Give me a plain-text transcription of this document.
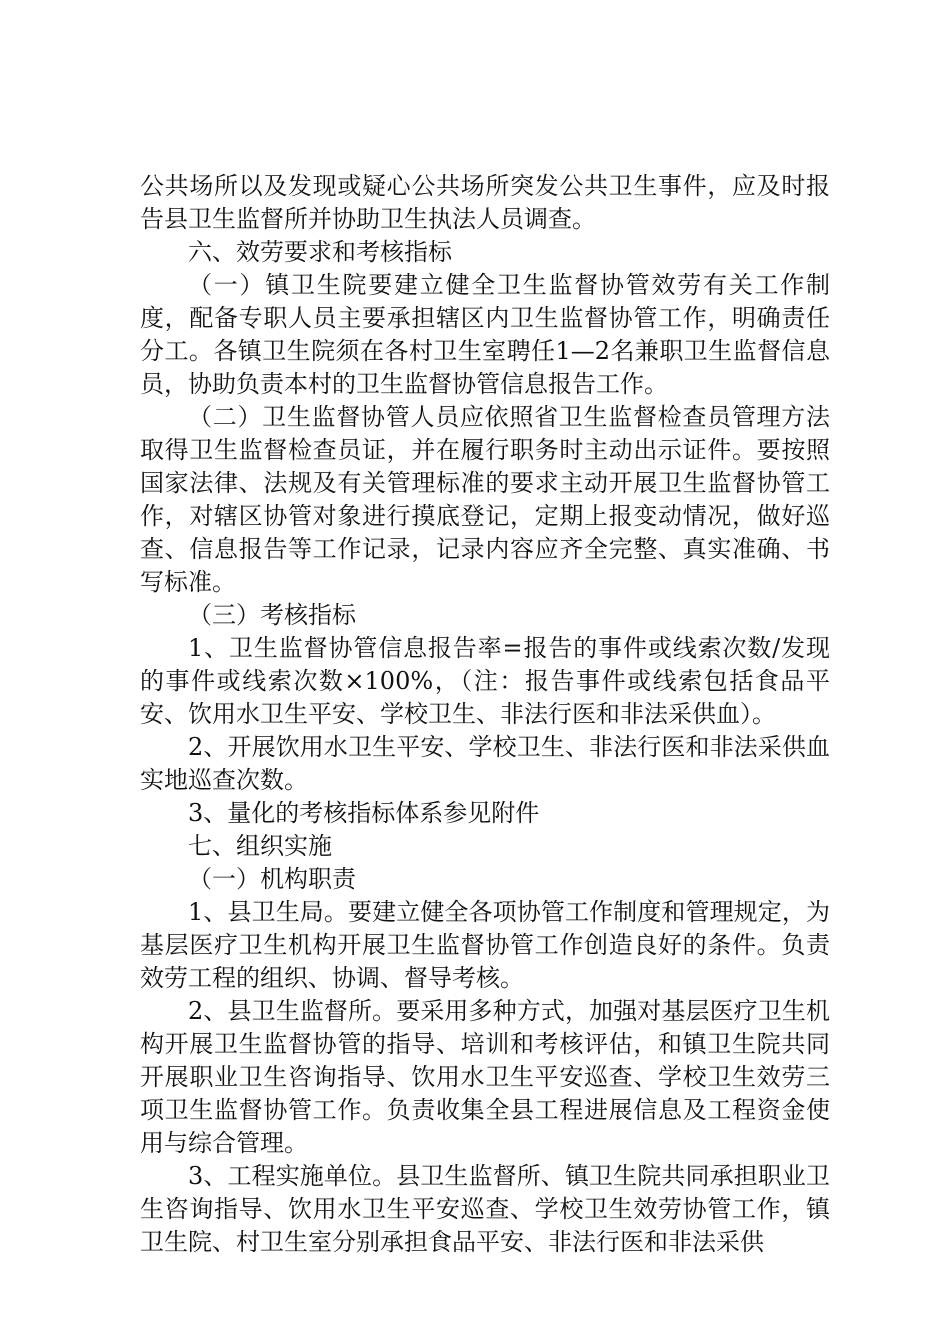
公共场所以及发现或疑心公共场所突发公共卫生事件，应及时报告县卫生监督所并协助卫生执法人员调查。

六、效劳要求和考核指标

（一）镇卫生院要建立健全卫生监督协管效劳有关工作制度，配备专职人员主要承担辖区内卫生监督协管工作，明确责任分工。各镇卫生院须在各村卫生室聘任1—2名兼职卫生监督信息员，协助负责本村的卫生监督协管信息报告工作。

（二）卫生监督协管人员应依照省卫生监督检查员管理方法取得卫生监督检查员证，并在履行职务时主动出示证件。要按照国家法律、法规及有关管理标准的要求主动开展卫生监督协管工作，对辖区协管对象进行摸底登记，定期上报变动情况，做好巡查、信息报告等工作记录，记录内容应齐全完整、真实准确、书写标准。

（三）考核指标

1、卫生监督协管信息报告率=报告的事件或线索次数/发现的事件或线索次数×100%，（注：报告事件或线索包括食品平安、饮用水卫生平安、学校卫生、非法行医和非法采供血）。

2、开展饮用水卫生平安、学校卫生、非法行医和非法采供血实地巡查次数。

3、量化的考核指标体系参见附件

七、组织实施

（一）机构职责

1、县卫生局。要建立健全各项协管工作制度和管理规定，为基层医疗卫生机构开展卫生监督协管工作创造良好的条件。负责效劳工程的组织、协调、督导考核。

2、县卫生监督所。要采用多种方式，加强对基层医疗卫生机构开展卫生监督协管的指导、培训和考核评估，和镇卫生院共同开展职业卫生咨询指导、饮用水卫生平安巡查、学校卫生效劳三项卫生监督协管工作。负责收集全县工程进展信息及工程资金使用与综合管理。

3、工程实施单位。县卫生监督所、镇卫生院共同承担职业卫生咨询指导、饮用水卫生平安巡查、学校卫生效劳协管工作，镇卫生院、村卫生室分别承担食品平安、非法行医和非法采供
